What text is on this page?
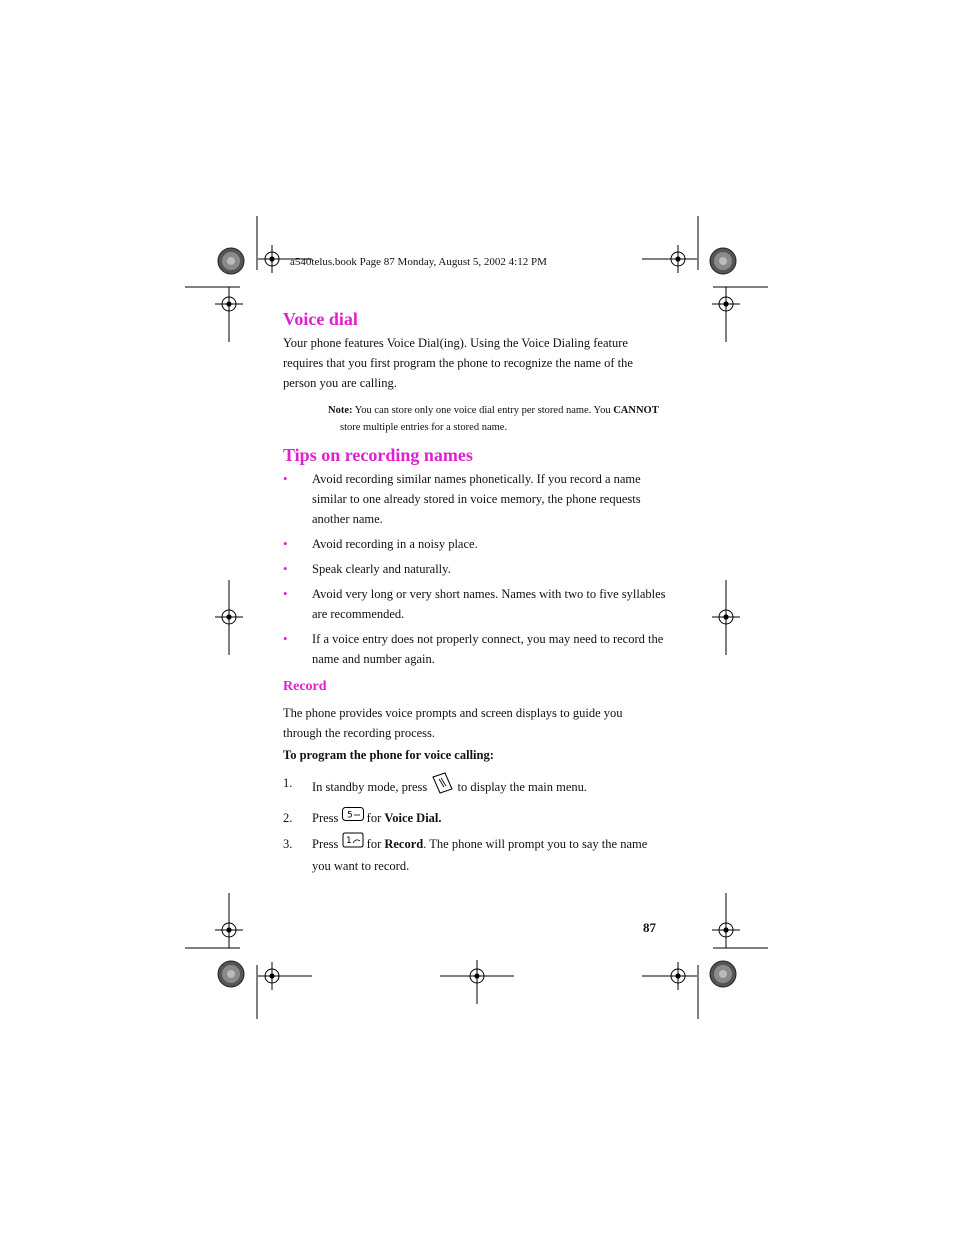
a540telus.book Page 87 Monday, August 5, 2002 4:12 PM
Voice dial

Your phone features Voice Dial(ing). Using the Voice Dialing feature requires that you first program the phone to recognize the name of the person you are calling.

Note: You can store only one voice dial entry per stored name. You CANNOT
store multiple entries for a stored name.

Tips on recording names
• Avoid recording similar names phonetically. If you record a name similar to one already stored in voice memory, the phone requests another name.
• Avoid recording in a noisy place.
• Speak clearly and naturally.
• Avoid very long or very short names. Names with two to five syllables are recommended.
• If a voice entry does not properly connect, you may need to record the name and number again.
Record

The phone provides voice prompts and screen displays to guide you through the recording process.

To program the phone for voice calling:
1. In standby mode, press  to display the main menu.
2. Press 5 for Voice Dial.
3. Press 1 for Record. The phone will prompt you to say the name you want to record.
87
